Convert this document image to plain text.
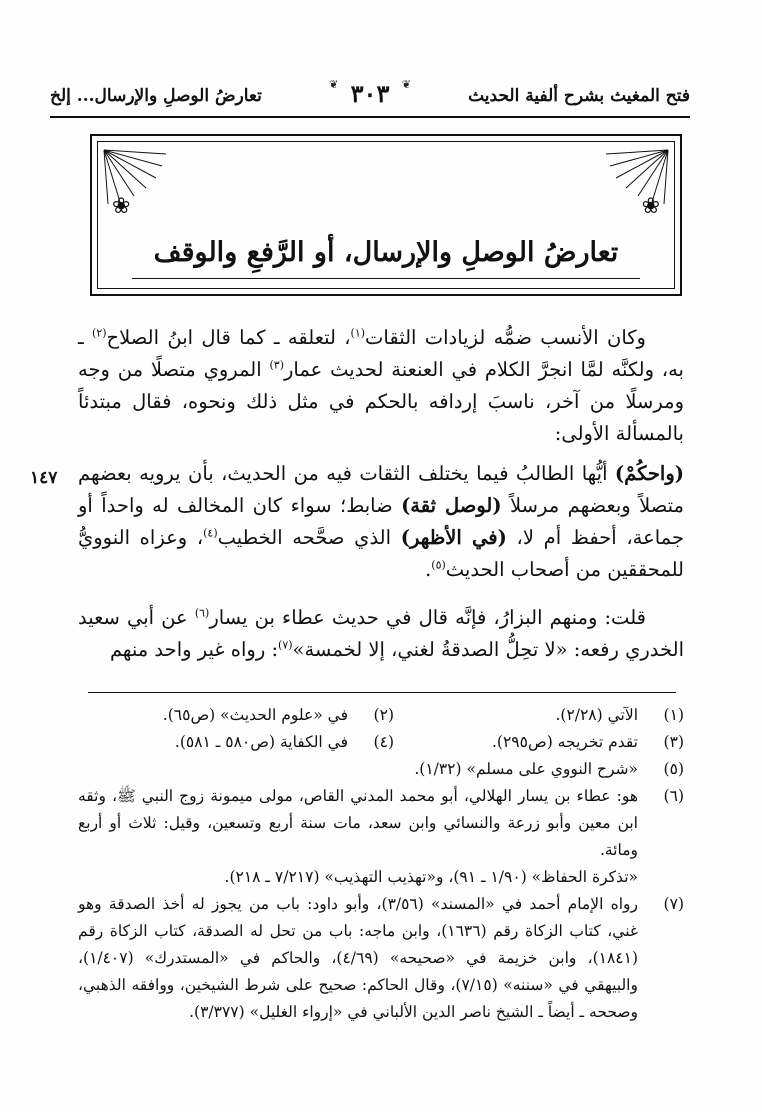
فتح المغيث بشرح ألفية الحديث
❦
٣٠٣
❦
تعارضُ الوصلِ والإرسال... إلخ
❀
❀
تعارضُ الوصلِ والإرسال، أو الرَّفعِ والوقف
وكان الأنسب ضمُّه لزيادات الثقات$^{(١)}$، لتعلقه ـ كما قال ابنُ الصلاح$^{(٢)}$ ـ به، ولكنَّه لمَّا انجرَّ الكلام في العنعنة لحديث عمار$^{(٣)}$ المروي متصلًا من وجه ومرسلًا من آخر، ناسبَ إردافه بالحكم في مثل ذلك ونحوه، فقال مبتدئاً بالمسألة الأولى:
١٤٧	(واحكُمْ) أيُّها الطالبُ فيما يختلف الثقات فيه من الحديث، بأن يرويه بعضهم متصلاً وبعضهم مرسلاً (لوصل ثقة) ضابط؛ سواء كان المخالف له واحداً أو جماعة، أحفظ أم لا، (في الأظهر) الذي صحَّحه الخطيب$^{(٤)}$، وعزاه النوويُّ للمحققين من أصحاب الحديث$^{(٥)}$.
قلت: ومنهم البزارُ، فإنَّه قال في حديث عطاء بن يسار$^{(٦)}$ عن أبي سعيد الخدري رفعه: «لا تحِلُّ الصدقةُ لغني، إلا لخمسة»$^{(٧)}$: رواه غير واحد منهم
(١)
الآتي (٢/٢٨).
(٢)
في «علوم الحديث» (ص٦٥).
(٣)
تقدم تخريجه (ص٢٩٥).
(٤)
في الكفاية (ص٥٨٠ ـ ٥٨١).
(٥)
«شرح النووي على مسلم» (١/٣٢).
(٦)
هو: عطاء بن يسار الهلالي، أبو محمد المدني القاص، مولى ميمونة زوج النبي ﷺ، وثقه ابن معين وأبو زرعة والنسائي وابن سعد، مات سنة أربع وتسعين، وقيل: ثلاث أو أربع ومائة.
«تذكرة الحفاظ» (١/٩٠ ـ ٩١)، و«تهذيب التهذيب» (٧/٢١٧ ـ ٢١٨).
(٧)
رواه الإمام أحمد في «المسند» (٣/٥٦)، وأبو داود: باب من يجوز له أخذ الصدقة وهو غني، كتاب الزكاة رقم (١٦٣٦)، وابن ماجه: باب من تحل له الصدقة، كتاب الزكاة رقم (١٨٤١)، وابن خزيمة في «صحيحه» (٤/٦٩)، والحاكم في «المستدرك» (١/٤٠٧)، والبيهقي في «سننه» (٧/١٥)، وقال الحاكم: صحيح على شرط الشيخين، ووافقه الذهبي، وصححه ـ أيضاً ـ الشيخ ناصر الدين الألباني في «إرواء الغليل» (٣/٣٧٧).
